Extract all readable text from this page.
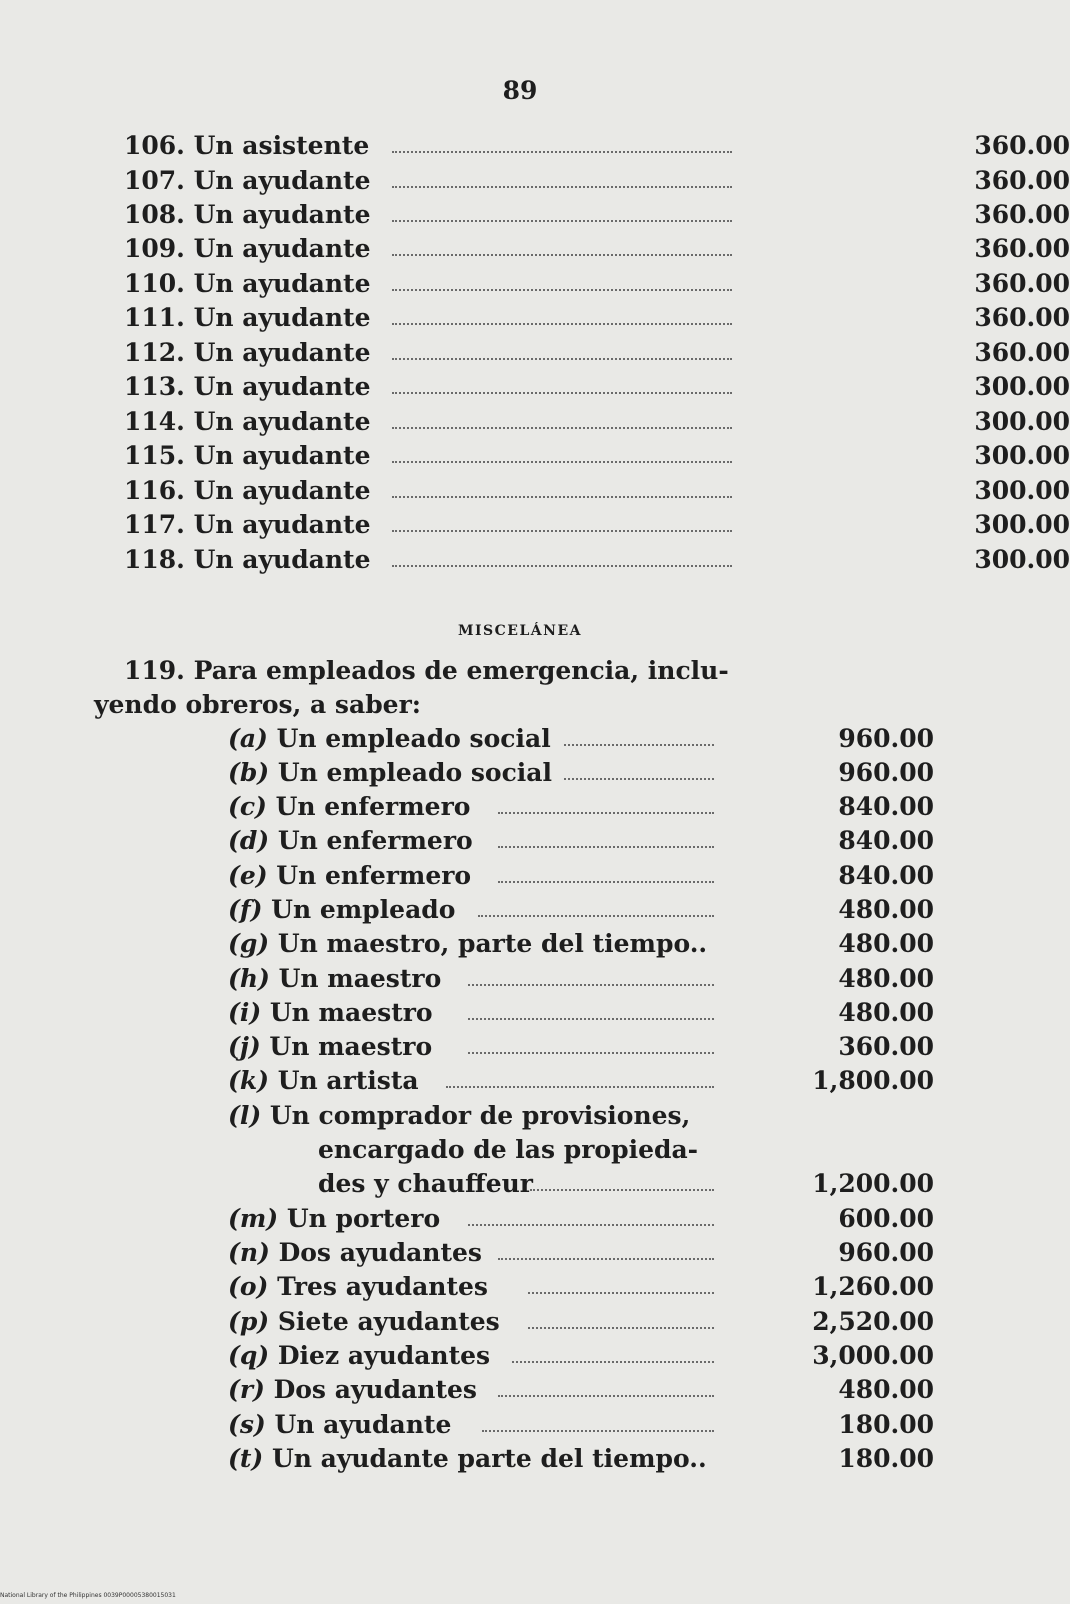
89
106. Un asistente	360.00
107. Un ayudante	360.00
108. Un ayudante	360.00
109. Un ayudante	360.00
110. Un ayudante	360.00
111. Un ayudante	360.00
112. Un ayudante	360.00
113. Un ayudante	300.00
114. Un ayudante	300.00
115. Un ayudante	300.00
116. Un ayudante	300.00
117. Un ayudante	300.00
118. Un ayudante	300.00
MISCELÁNEA
119. Para empleados de emergencia, inclu-
yendo obreros, a saber:
(a) Un empleado social	960.00
(b) Un empleado social	960.00
(c) Un enfermero	840.00
(d) Un enfermero	840.00
(e) Un enfermero	840.00
(f) Un empleado	480.00
(g) Un maestro, parte del tiempo..	480.00
(h) Un maestro	480.00
(i) Un maestro	480.00
(j) Un maestro	360.00
(k) Un artista	1,800.00
(l) Un comprador de provisiones,
encargado de las propieda-
des y chauffeur	1,200.00
(m) Un portero	600.00
(n) Dos ayudantes	960.00
(o) Tres ayudantes	1,260.00
(p) Siete ayudantes	2,520.00
(q) Diez ayudantes	3,000.00
(r) Dos ayudantes	480.00
(s) Un ayudante	180.00
(t) Un ayudante parte del tiempo..	180.00
National Library of the Philippines 0039P00005380015031
